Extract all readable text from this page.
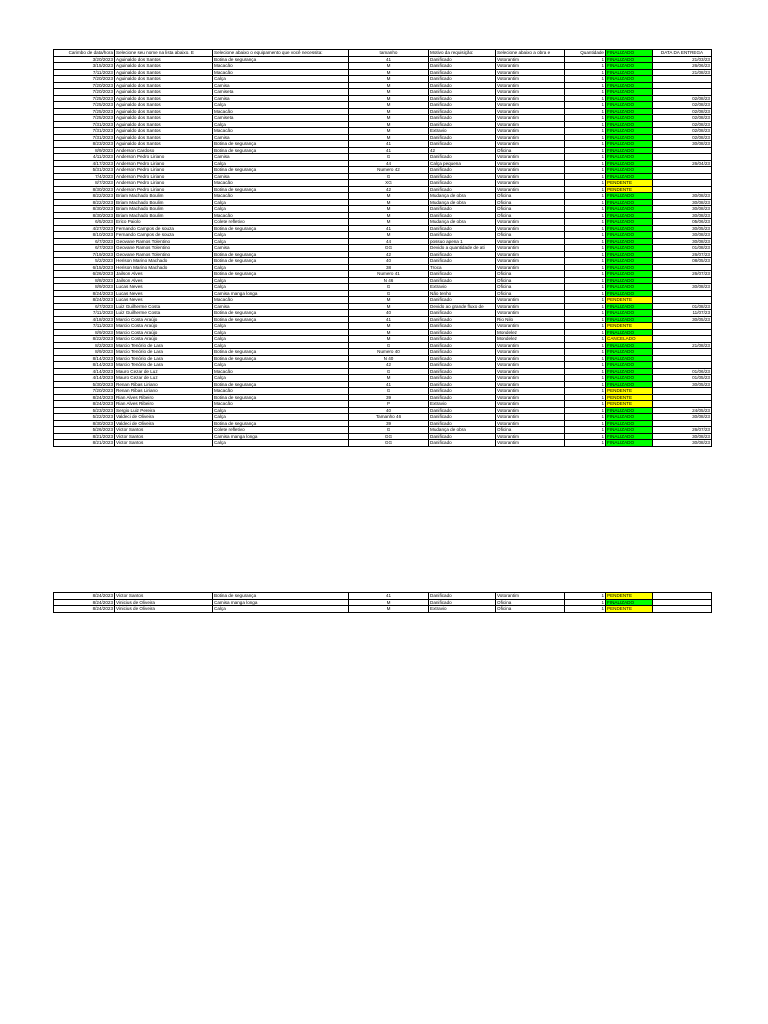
Carimbo de data/hora	Selecione seu nome na lista abaixo. E	Selecione abaixo o equipamento que você necessita:	tamanho	Motivo da requisição:	Selecione abaixo a obra e	Quantidade	FINALIZADO	DATA DA ENTREGA
3/20/2023	Aguinaldo dos Santos	Botina de segurança	41	Danificado	Votorantim	1	FINALIZADO	21/03/23
3/15/2023	Aguinaldo dos Santos	Macacão	M	Danificado	Votorantim	1	FINALIZADO	26/06/23
7/11/2023	Aguinaldo dos Santos	Macacão	M	Danificado	Votorantim	1	FINALIZADO	21/08/23
7/20/2023	Aguinaldo dos Santos	Calça	M	Danificado	Votorantim	1	FINALIZADO	
7/20/2023	Aguinaldo dos Santos	Camisa	M	Danificado	Votorantim	1	FINALIZADO	
7/20/2023	Aguinaldo dos Santos	Camiseta	M	Danificado	Votorantim	1	FINALIZADO	
7/25/2023	Aguinaldo dos Santos	Camisa	M	Danificado	Votorantim	1	FINALIZADO	02/08/23
7/25/2023	Aguinaldo dos Santos	Calça	M	Danificado	Votorantim	1	FINALIZADO	02/08/23
7/25/2023	Aguinaldo dos Santos	Macacão	M	Danificado	Votorantim	1	FINALIZADO	02/08/23
7/25/2023	Aguinaldo dos Santos	Camiseta	M	Danificado	Votorantim	1	FINALIZADO	02/08/23
7/31/2023	Aguinaldo dos Santos	Calça	M	Danificado	Votorantim	1	FINALIZADO	02/08/23
7/31/2023	Aguinaldo dos Santos	Macacão	M	Extravio	Votorantim	1	FINALIZADO	02/08/23
7/31/2023	Aguinaldo dos Santos	Camisa	M	Danificado	Votorantim	1	FINALIZADO	02/08/23
8/23/2023	Aguinaldo dos Santos	Botina de segurança	41	Danificado	Votorantim	1	FINALIZADO	30/08/23
8/9/2023	Anderson Cardoso	Botina de segurança	41	42	Oficina	1	FINALIZADO	
4/11/2023	Anderson Pedro Liriano	Camisa	G	Danificado	Votorantim	1	FINALIZADO	
4/17/2023	Anderson Pedro Liriano	Calça	44	Calça pequena	Votorantim	1	FINALIZADO	26/04/23
5/31/2023	Anderson Pedro Liriano	Botina de segurança	Numero 42	Danificado	Votorantim	1	FINALIZADO	
7/4/2023	Anderson Pedro Liriano	Camisa	G	Danificado	Votorantim	1	FINALIZADO	
8/7/2023	Anderson Pedro Liriano	Macacão	XG	Danificado	Votorantim	1	PENDENTE	
8/30/2023	Anderson Pedro Liriano	Botina de segurança	42	Danificado	Votorantim	1	PENDENTE	
8/22/2023	Briam Machado Boulim	Macacão	M	Mudança de obra	Oficina	1	FINALIZADO	30/08/23
8/22/2023	Briam Machado Boulim	Calça	M	Mudança de obra	Oficina	1	FINALIZADO	30/08/23
8/30/2023	Briam Machado Boulim	Calça	M	Danificado	Oficina	1	FINALIZADO	30/08/23
8/30/2023	Briam Machado Boulim	Macacão	M	Danificado	Oficina	1	FINALIZADO	30/08/23
6/5/2023	Erico Paiolo	Colete refletivo	M	Mudança de obra	Votorantim	1	FINALIZADO	05/06/23
4/27/2023	Fernando Campos de souza	Botina de segurança	41	Danificado	Votorantim	1	FINALIZADO	30/05/23
8/10/2023	Fernando Campos de souza	Calça	M	Danificado	Oficina	1	FINALIZADO	30/08/23
6/7/2023	Geovane Ramos Tolentino	Calça	44	possuo apena 1	Votorantim	1	FINALIZADO	30/08/23
6/7/2023	Geovane Ramos Tolentino	Camisa	GG	Devido a quantidade de ati	Votorantim	1	FINALIZADO	01/08/23
7/19/2023	Geovane Ramos Tolentino	Botina de segurança	42	Danificado	Votorantim	1	FINALIZADO	26/07/23
5/2/2023	Herison Marino Machado	Botina de segurança	40	Danificado	Votorantim	1	FINALIZADO	08/05/23
6/15/2023	Herison Marino Machado	Calça	38	Troca	Votorantim	1	FINALIZADO	
6/26/2023	Jailson Alves	Botina de segurança	Numero 41	Danificado	Oficina	1	FINALIZADO	26/07/23
8/8/2023	Jailson Alves	Calça	N 46	Danificado	Oficina	1	FINALIZADO	
8/9/2023	Lucas Neves	Calça	G	Extravio	Oficina	1	FINALIZADO	30/08/23
8/24/2023	Lucas Neves	Camisa manga longa	G	Não tenho	Oficina	1	FINALIZADO	
8/24/2023	Lucas Neves	Macacão	M	Danificado	Votorantim	1	PENDENTE	
6/7/2023	Luiz Guilherme Costa	Camisa	M	Devido ao grande fluxo de	Votorantim	1	FINALIZADO	01/08/23
7/11/2023	Luiz Guilherme Costa	Botina de segurança	40	Danificado	Votorantim	1	FINALIZADO	11/07/23
4/18/2023	Marcio Costa Araújo	Botina de segurança	41	Danificado	Rio Nilo	1	FINALIZADO	30/05/23
7/11/2023	Marcio Costa Araújo	Calça	M	Danificado	Votorantim	1	PENDENTE	
8/9/2023	Marcio Costa Araújo	Calça	M	Danificado	Mondelez	1	FINALIZADO	
8/22/2023	Marcio Costa Araújo	Calça	M	Danificado	Mondelez	1	CANCELADO	
8/2/2023	Marcio Tenório de Lara	Calça	G	Danificado	Votorantim	1	FINALIZADO	21/08/23
8/9/2023	Marcio Tenório de Lara	Botina de segurança	Numero 40	Danificado	Votorantim	1	FINALIZADO	
8/14/2023	Marcio Tenório de Lara	Botina de segurança	N 40	Danificado	Votorantim	1	FINALIZADO	
8/14/2023	Marcio Tenório de Lara	Calça	42	Danificado	Votorantim	1	FINALIZADO	
4/14/2023	Mauro Cezar de Luz	Macacão	G	Danificado	Votorantim	1	FINALIZADO	01/06/23
4/14/2023	Mauro Cezar de Luz	Calça	M	Danificado	Votorantim	1	FINALIZADO	01/05/23
5/30/2023	Renan Ribas Liriano	Botina de segurança	41	Danificado	Votorantim	1	FINALIZADO	30/05/23
7/20/2023	Renan Ribas Liriano	Macacão	G	Danificado	Votorantim	1	PENDENTE	
8/24/2023	Rian Alves Ribeiro	Botina de segurança	39	Danificado	Votorantim	1	PENDENTE	
8/24/2023	Rian Alves Ribeiro	Macacão	P	Extravio	Votorantim	1	PENDENTE	
5/23/2023	Sergio Luiz Pereira	Calça	40	Danificado	Votorantim	1	FINALIZADO	24/05/23
5/22/2023	Valdeci de Oliveira	Calça	Tamanho 46	Danificado	Votorantim	1	FINALIZADO	30/08/23
8/30/2023	Valdeci de Oliveira	Botina de segurança	39	Danificado	Votorantim	1	FINALIZADO	
5/26/2023	Victor Santos	Colete refletivo	G	Mudança de obra	Oficina	1	FINALIZADO	26/07/23
8/21/2023	Victor Santos	Camisa manga longa	GG	Danificado	Votorantim	1	FINALIZADO	30/08/23
8/21/2023	Victor Santos	Calça	GG	Danificado	Votorantim	1	FINALIZADO	30/08/23
8/24/2023	Victor Santos	Botina de segurança	41	Danificado	Votorantim	1	PENDENTE	
8/24/2023	Vinicius de Oliveira	Camisa manga longa	M	Danificado	Oficina	1	FINALIZADO	
8/24/2023	Vinicius de Oliveira	Calça	M	Extravio	Oficina	1	PENDENTE	
